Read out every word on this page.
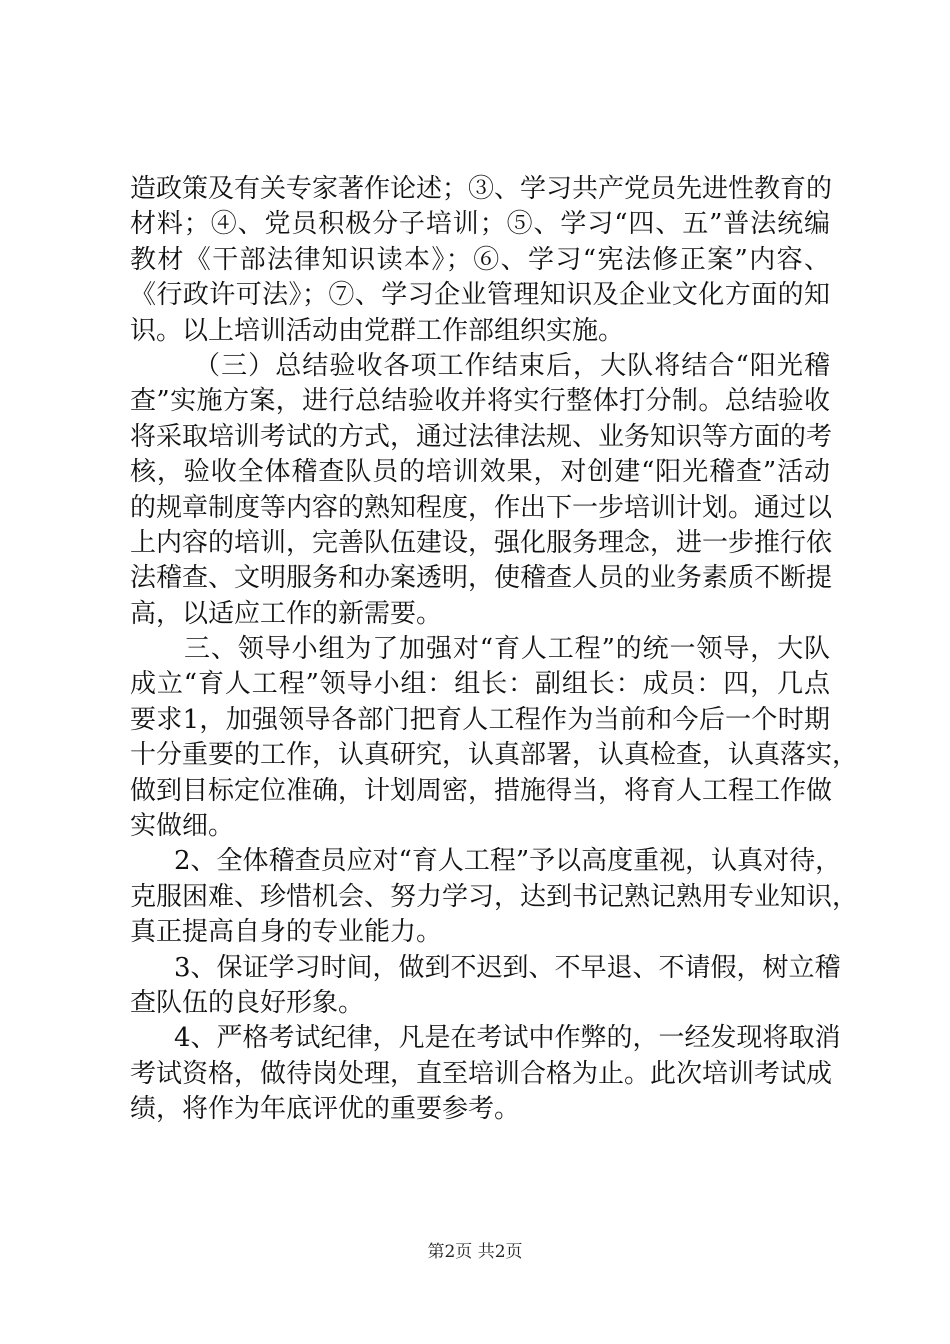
造政策及有关专家著作论述；③、学习共产党员先进性教育的
材料；④、党员积极分子培训；⑤、学习“四、五”普法统编
教材《干部法律知识读本》；⑥、学习“宪法修正案”内容、
《行政许可法》；⑦、学习企业管理知识及企业文化方面的知
识。以上培训活动由党群工作部组织实施。
（三）总结验收各项工作结束后，大队将结合“阳光稽
查”实施方案，进行总结验收并将实行整体打分制。总结验收
将采取培训考试的方式，通过法律法规、业务知识等方面的考
核，验收全体稽查队员的培训效果，对创建“阳光稽查”活动
的规章制度等内容的熟知程度，作出下一步培训计划。通过以
上内容的培训，完善队伍建设，强化服务理念，进一步推行依
法稽查、文明服务和办案透明，使稽查人员的业务素质不断提
高，以适应工作的新需要。
三、领导小组为了加强对“育人工程”的统一领导，大队
成立“育人工程”领导小组：组长：副组长：成员：四，几点
要求1，加强领导各部门把育人工程作为当前和今后一个时期
十分重要的工作，认真研究，认真部署，认真检查，认真落实，
做到目标定位准确，计划周密，措施得当，将育人工程工作做
实做细。
2、全体稽查员应对“育人工程”予以高度重视，认真对待，
克服困难、珍惜机会、努力学习，达到书记熟记熟用专业知识，
真正提高自身的专业能力。
3、保证学习时间，做到不迟到、不早退、不请假，树立稽
查队伍的良好形象。
4、严格考试纪律，凡是在考试中作弊的，一经发现将取消
考试资格，做待岗处理，直至培训合格为止。此次培训考试成
绩，将作为年底评优的重要参考。
第2页 共2页
